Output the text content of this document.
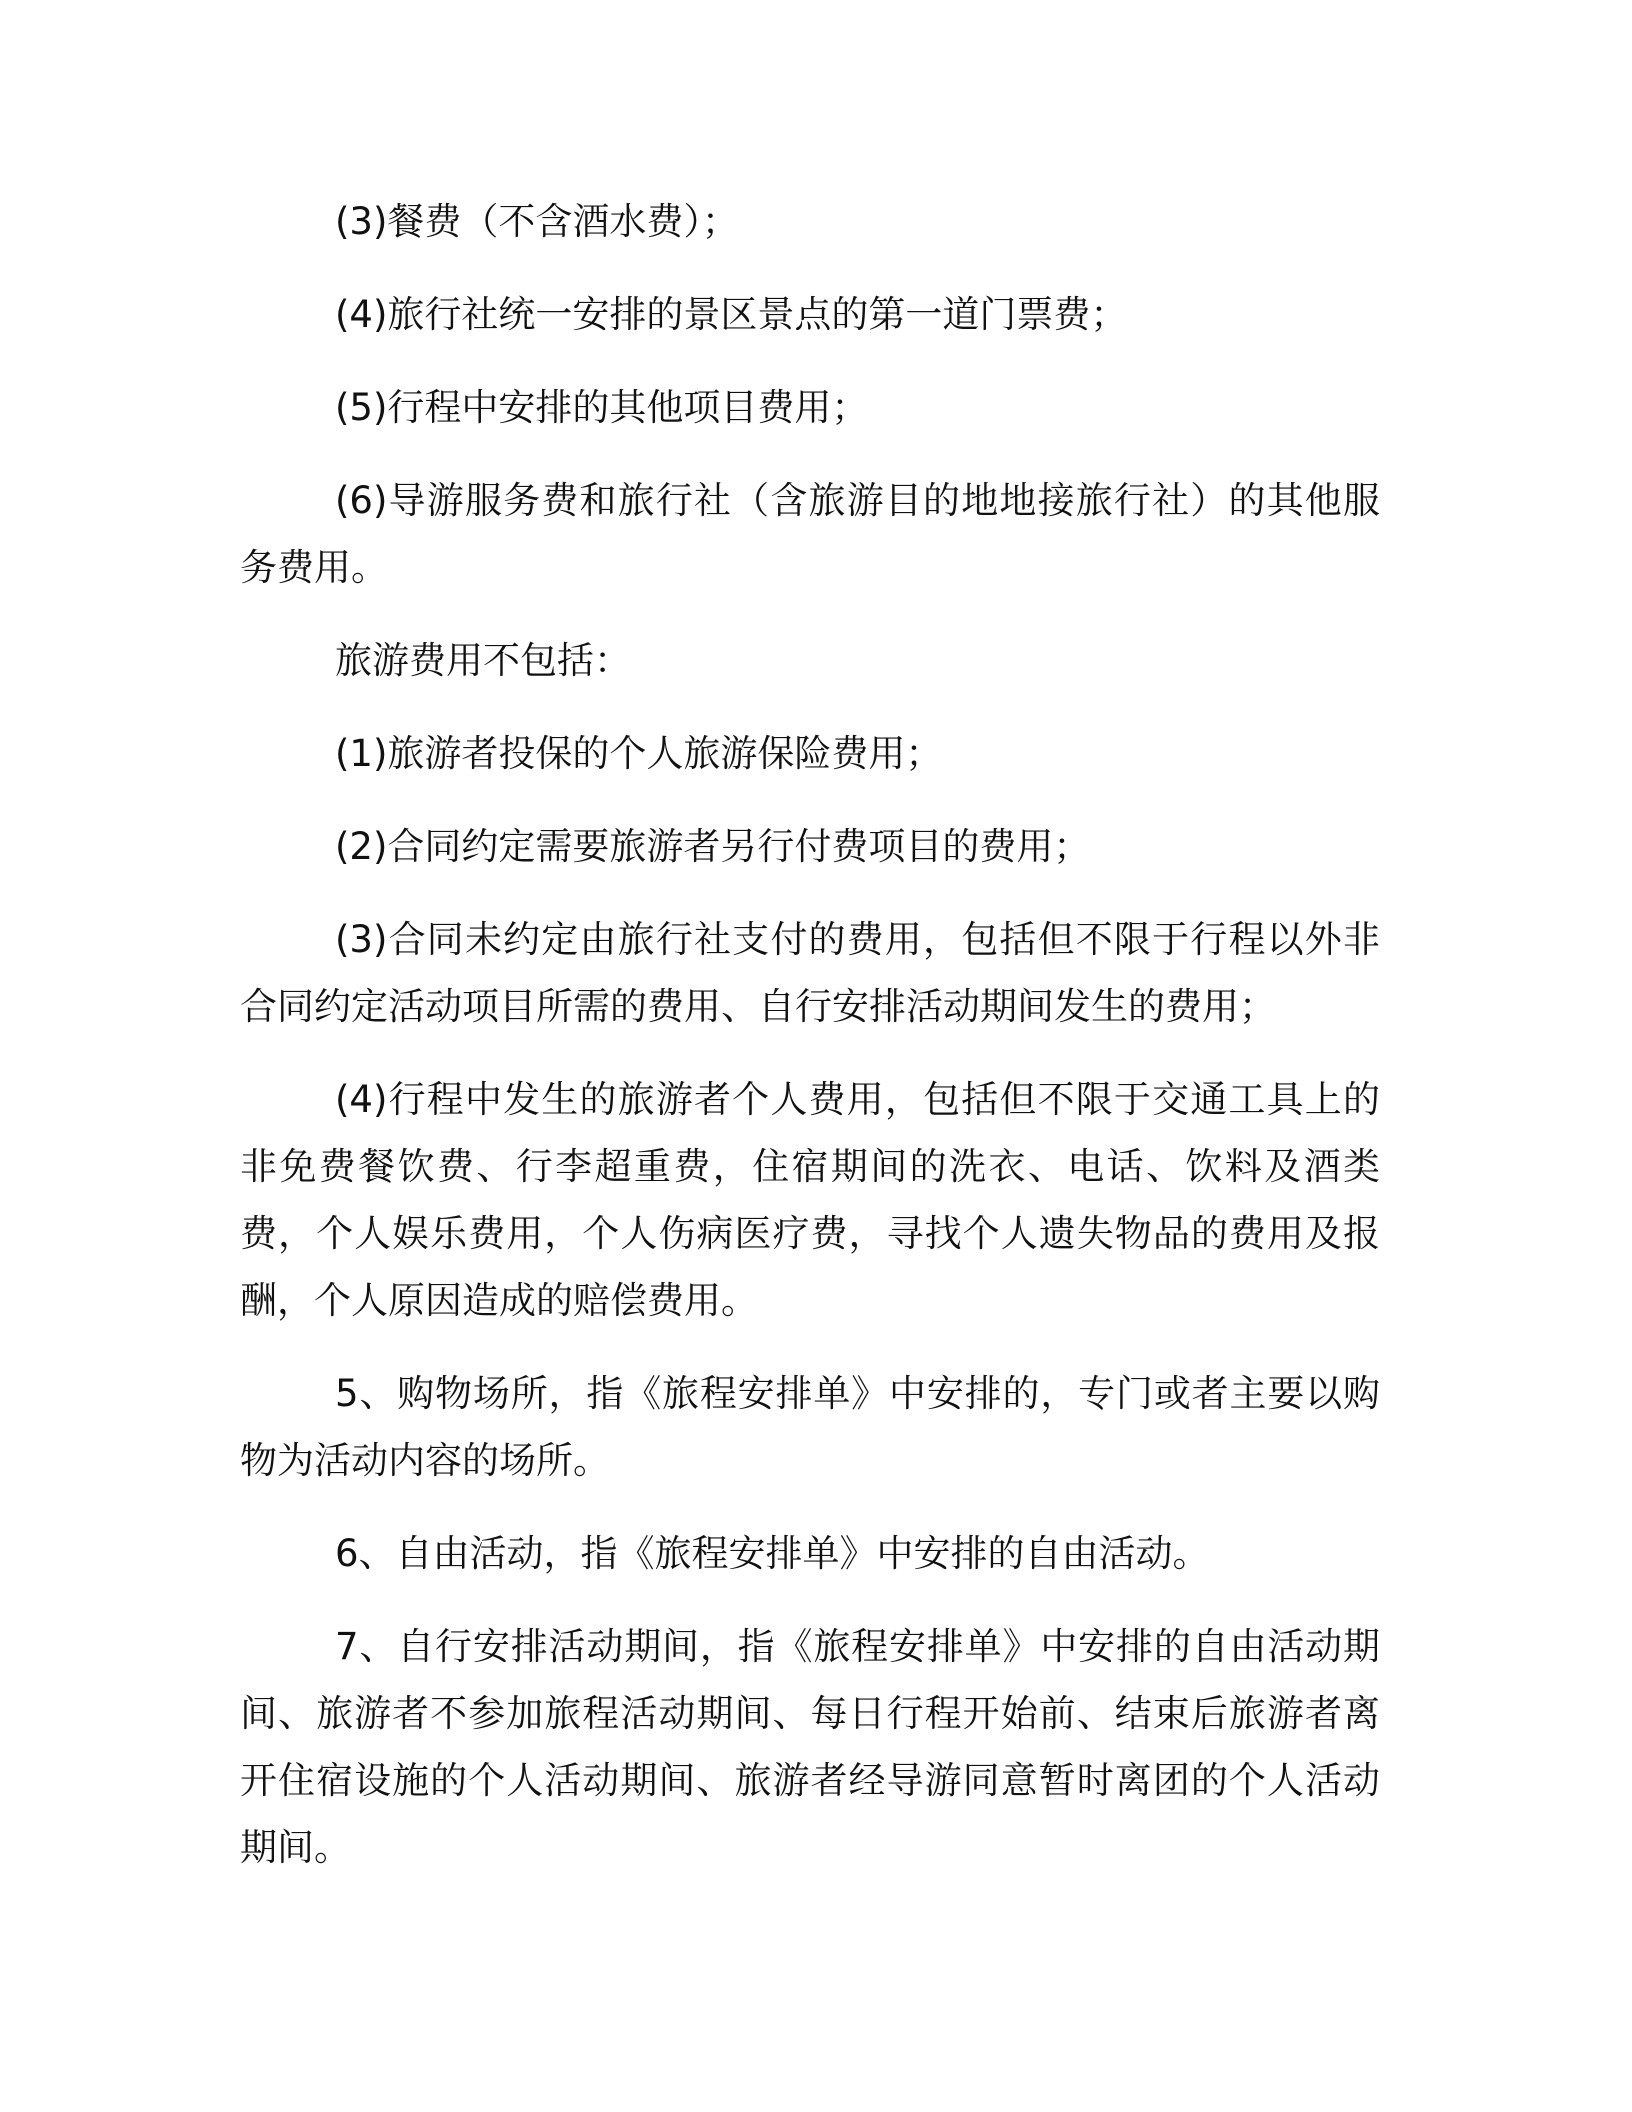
(3)餐费（不含酒水费）；

(4)旅行社统一安排的景区景点的第一道门票费；

(5)行程中安排的其他项目费用；

(6)导游服务费和旅行社（含旅游目的地地接旅行社）的其他服务费用。

旅游费用不包括：

(1)旅游者投保的个人旅游保险费用；

(2)合同约定需要旅游者另行付费项目的费用；

(3)合同未约定由旅行社支付的费用，包括但不限于行程以外非合同约定活动项目所需的费用、自行安排活动期间发生的费用；

(4)行程中发生的旅游者个人费用，包括但不限于交通工具上的非免费餐饮费、行李超重费，住宿期间的洗衣、电话、饮料及酒类费，个人娱乐费用，个人伤病医疗费，寻找个人遗失物品的费用及报酬，个人原因造成的赔偿费用。

5、购物场所，指《旅程安排单》中安排的，专门或者主要以购物为活动内容的场所。

6、自由活动，指《旅程安排单》中安排的自由活动。

7、自行安排活动期间，指《旅程安排单》中安排的自由活动期间、旅游者不参加旅程活动期间、每日行程开始前、结束后旅游者离开住宿设施的个人活动期间、旅游者经导游同意暂时离团的个人活动期间。
